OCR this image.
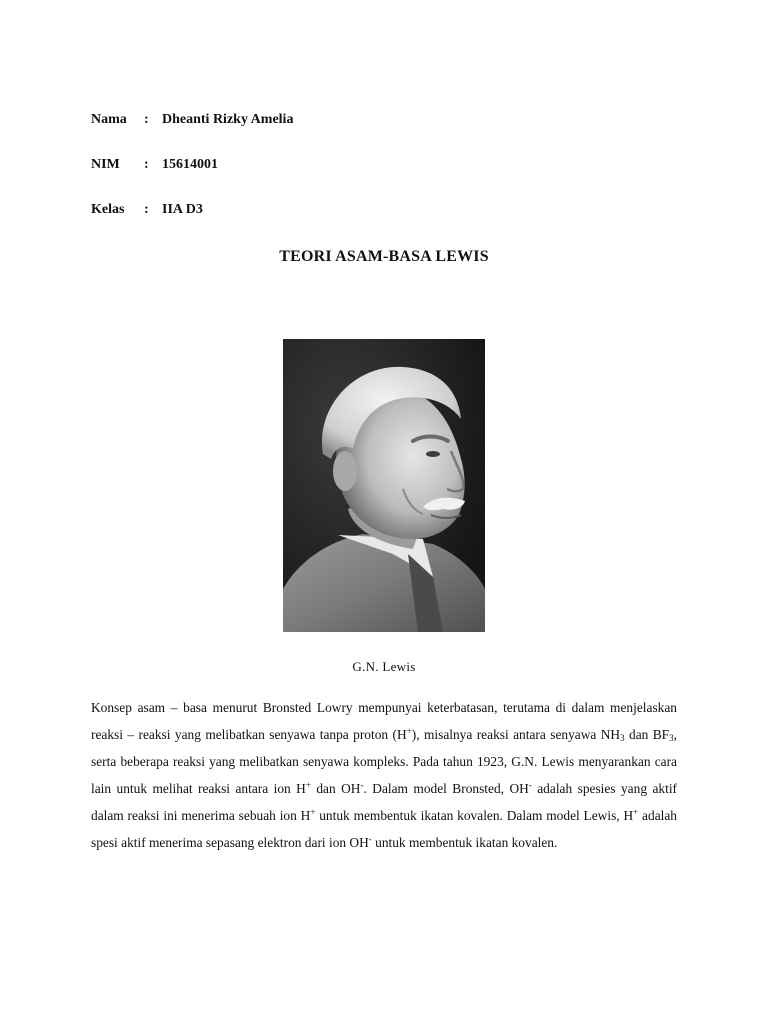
Nama : Dheanti Rizky Amelia
NIM : 15614001
Kelas : IIA D3
TEORI ASAM-BASA LEWIS
G.N. Lewis

Konsep asam – basa menurut Bronsted Lowry mempunyai keterbatasan, terutama di dalam menjelaskan reaksi – reaksi yang melibatkan senyawa tanpa proton (H+), misalnya reaksi antara senyawa $NH_3$ dan $BF_3$, serta beberapa reaksi yang melibatkan senyawa kompleks. Pada tahun 1923, G.N. Lewis menyarankan cara lain untuk melihat reaksi antara ion H+ dan OH-. Dalam model Bronsted, OH- adalah spesies yang aktif dalam reaksi ini menerima sebuah ion H+ untuk membentuk ikatan kovalen. Dalam model Lewis, H+ adalah spesi aktif menerima sepasang elektron dari ion OH- untuk membentuk ikatan kovalen.
